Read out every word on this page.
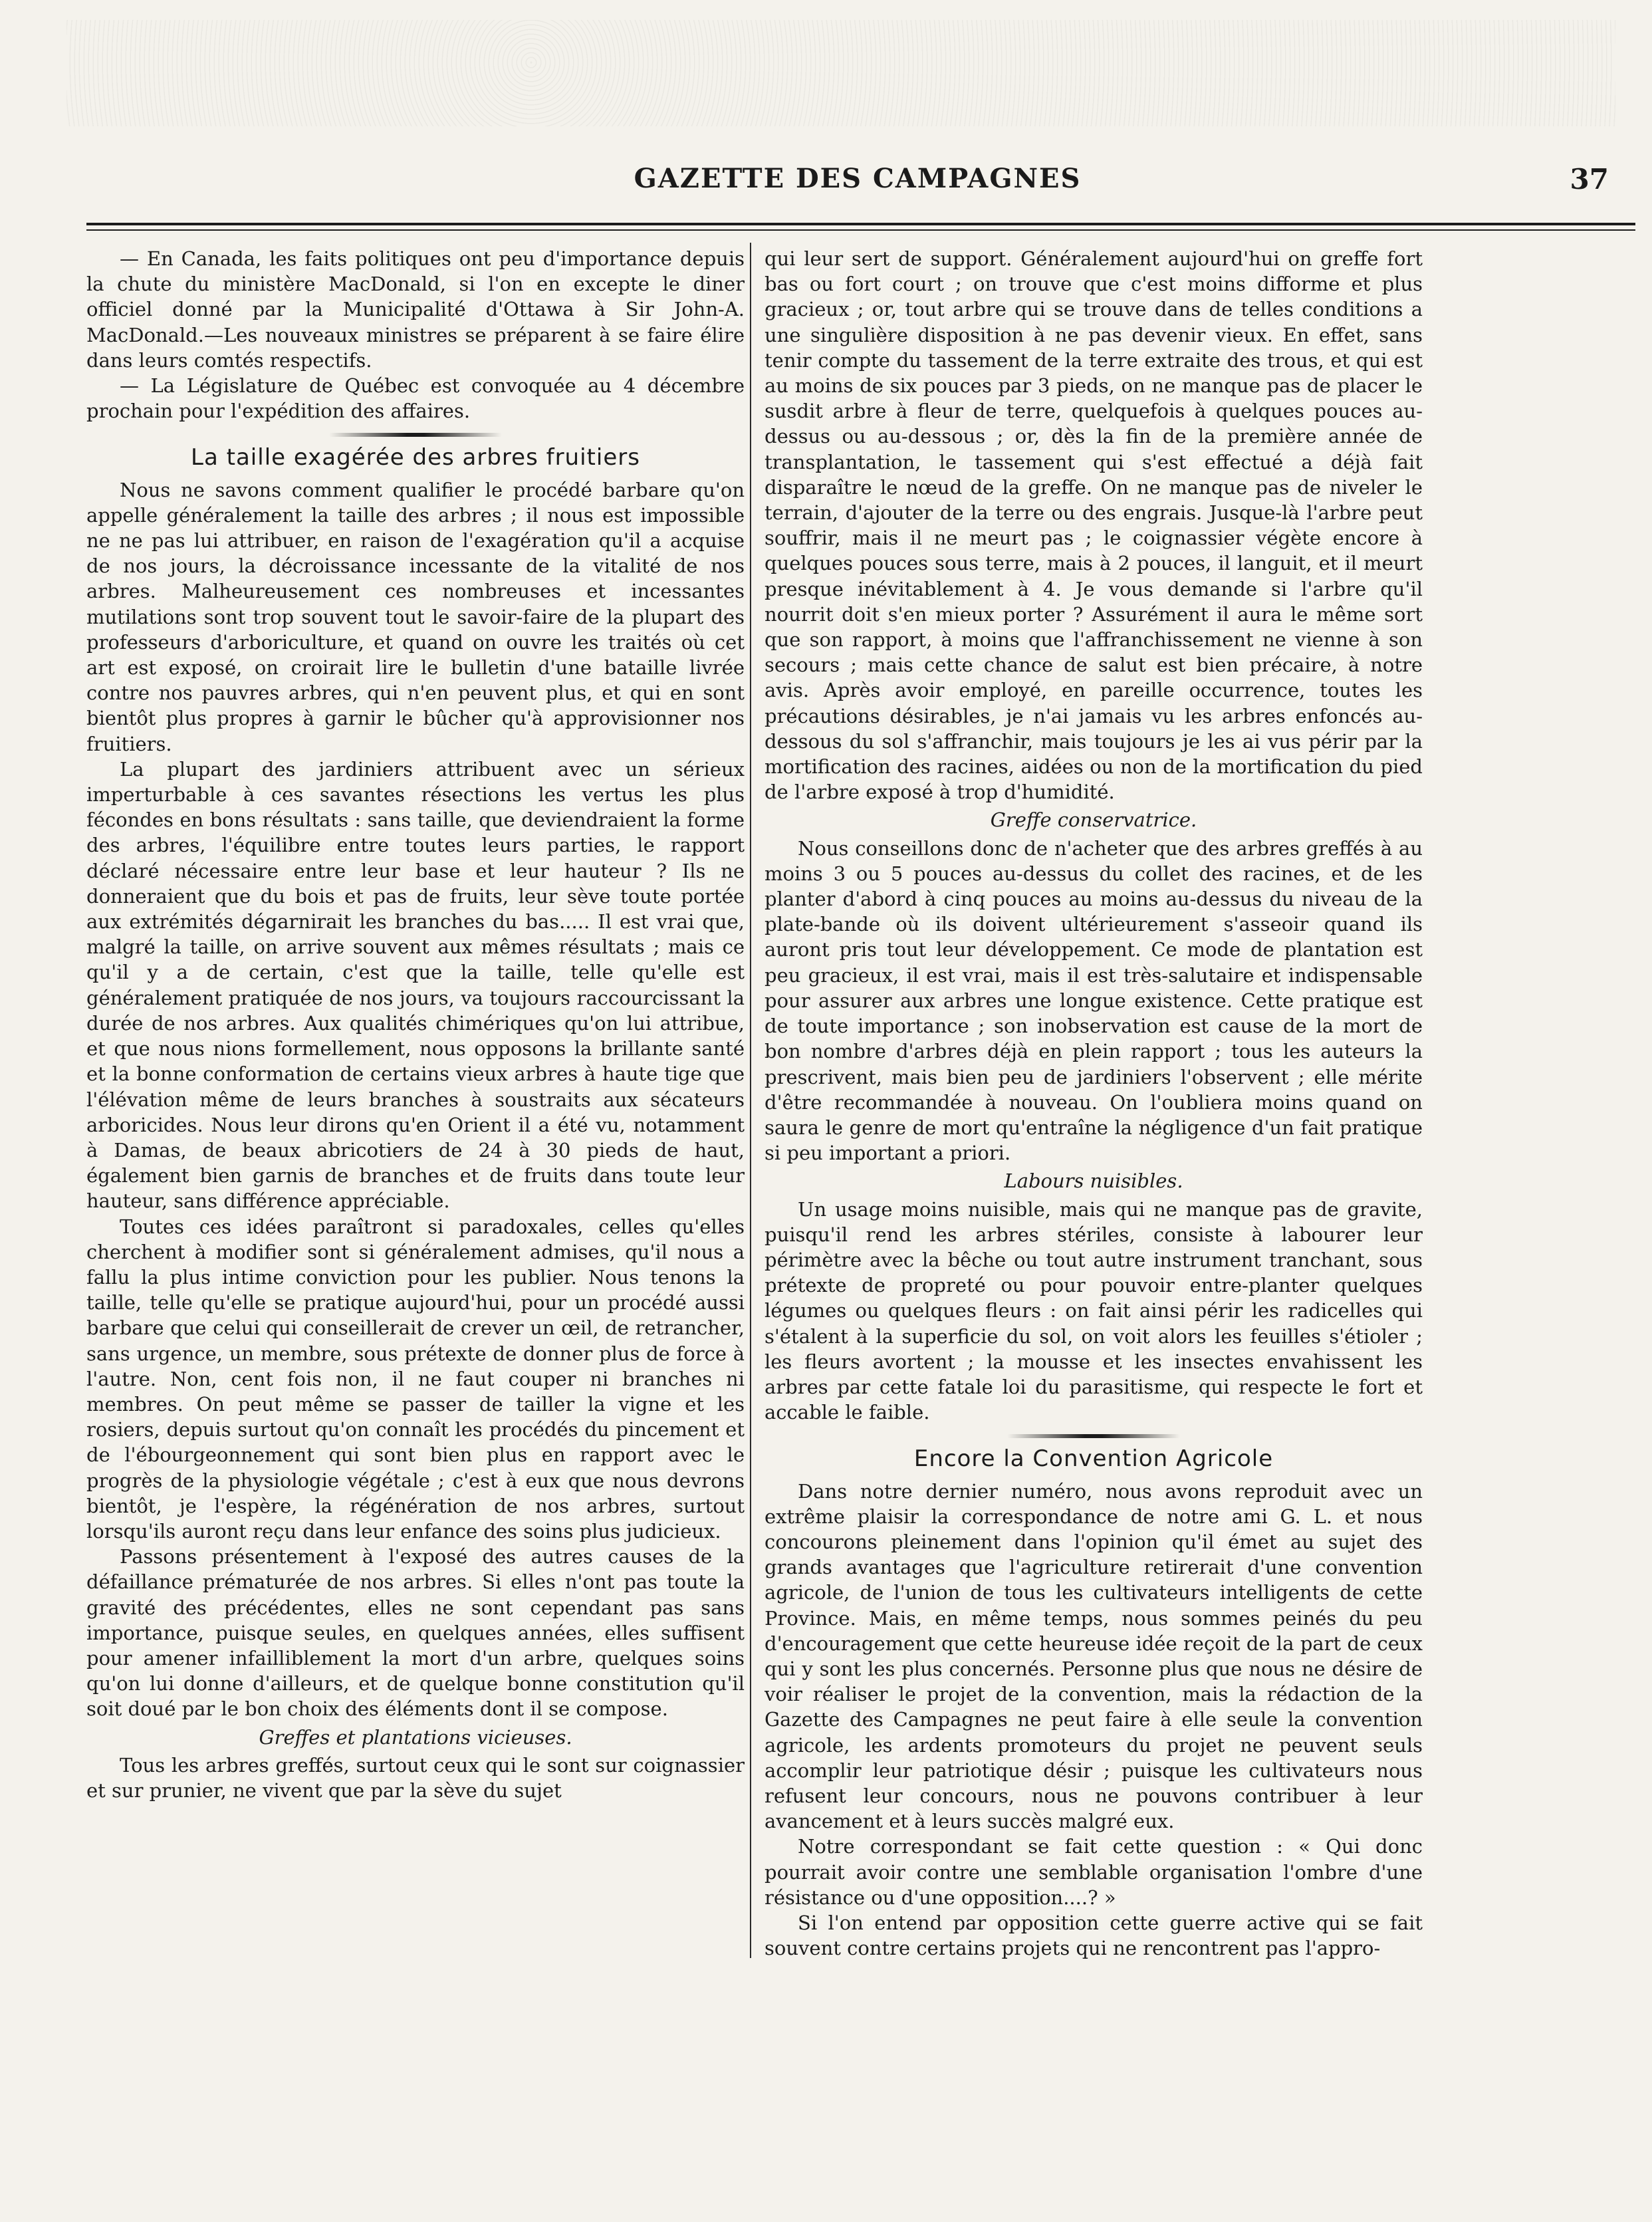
GAZETTE DES CAMPAGNES	37

— En Canada, les faits politiques ont peu d'importance depuis la chute du ministère MacDonald, si l'on en excepte le diner officiel donné par la Municipalité d'Ottawa à Sir John-A. MacDonald.—Les nouveaux ministres se préparent à se faire élire dans leurs comtés respectifs.

— La Législature de Québec est convoquée au 4 décembre prochain pour l'expédition des affaires.

La taille exagérée des arbres fruitiers

Nous ne savons comment qualifier le procédé barbare qu'on appelle généralement la taille des arbres ; il nous est impossible ne ne pas lui attribuer, en raison de l'exagération qu'il a acquise de nos jours, la décroissance incessante de la vitalité de nos arbres. Malheureusement ces nombreuses et incessantes mutilations sont trop souvent tout le savoir-faire de la plupart des professeurs d'arboriculture, et quand on ouvre les traités où cet art est exposé, on croirait lire le bulletin d'une bataille livrée contre nos pauvres arbres, qui n'en peuvent plus, et qui en sont bientôt plus propres à garnir le bûcher qu'à approvisionner nos fruitiers.

La plupart des jardiniers attribuent avec un sérieux imperturbable à ces savantes résections les vertus les plus fécondes en bons résultats : sans taille, que deviendraient la forme des arbres, l'équilibre entre toutes leurs parties, le rapport déclaré nécessaire entre leur base et leur hauteur ? Ils ne donneraient que du bois et pas de fruits, leur sève toute portée aux extrémités dégarnirait les branches du bas..... Il est vrai que, malgré la taille, on arrive souvent aux mêmes résultats ; mais ce qu'il y a de certain, c'est que la taille, telle qu'elle est généralement pratiquée de nos jours, va toujours raccourcissant la durée de nos arbres. Aux qualités chimériques qu'on lui attribue, et que nous nions formellement, nous opposons la brillante santé et la bonne conformation de certains vieux arbres à haute tige que l'élévation même de leurs branches à soustraits aux sécateurs arboricides. Nous leur dirons qu'en Orient il a été vu, notamment à Damas, de beaux abricotiers de 24 à 30 pieds de haut, également bien garnis de branches et de fruits dans toute leur hauteur, sans différence appréciable.

Toutes ces idées paraîtront si paradoxales, celles qu'elles cherchent à modifier sont si généralement admises, qu'il nous a fallu la plus intime conviction pour les publier. Nous tenons la taille, telle qu'elle se pratique aujourd'hui, pour un procédé aussi barbare que celui qui conseillerait de crever un œil, de retrancher, sans urgence, un membre, sous prétexte de donner plus de force à l'autre. Non, cent fois non, il ne faut couper ni branches ni membres. On peut même se passer de tailler la vigne et les rosiers, depuis surtout qu'on connaît les procédés du pincement et de l'ébourgeonnement qui sont bien plus en rapport avec le progrès de la physiologie végétale ; c'est à eux que nous devrons bientôt, je l'espère, la régénération de nos arbres, surtout lorsqu'ils auront reçu dans leur enfance des soins plus judicieux.

Passons présentement à l'exposé des autres causes de la défaillance prématurée de nos arbres. Si elles n'ont pas toute la gravité des précédentes, elles ne sont cependant pas sans importance, puisque seules, en quelques années, elles suffisent pour amener infailliblement la mort d'un arbre, quelques soins qu'on lui donne d'ailleurs, et de quelque bonne constitution qu'il soit doué par le bon choix des éléments dont il se compose.

Greffes et plantations vicieuses.

Tous les arbres greffés, surtout ceux qui le sont sur coignassier et sur prunier, ne vivent que par la sève du sujet

qui leur sert de support. Généralement aujourd'hui on greffe fort bas ou fort court ; on trouve que c'est moins difforme et plus gracieux ; or, tout arbre qui se trouve dans de telles conditions a une singulière disposition à ne pas devenir vieux. En effet, sans tenir compte du tassement de la terre extraite des trous, et qui est au moins de six pouces par 3 pieds, on ne manque pas de placer le susdit arbre à fleur de terre, quelquefois à quelques pouces au-dessus ou au-dessous ; or, dès la fin de la première année de transplantation, le tassement qui s'est effectué a déjà fait disparaître le nœud de la greffe. On ne manque pas de niveler le terrain, d'ajouter de la terre ou des engrais. Jusque-là l'arbre peut souffrir, mais il ne meurt pas ; le coignassier végète encore à quelques pouces sous terre, mais à 2 pouces, il languit, et il meurt presque inévitablement à 4. Je vous demande si l'arbre qu'il nourrit doit s'en mieux porter ? Assurément il aura le même sort que son rapport, à moins que l'affranchissement ne vienne à son secours ; mais cette chance de salut est bien précaire, à notre avis. Après avoir employé, en pareille occurrence, toutes les précautions désirables, je n'ai jamais vu les arbres enfoncés au-dessous du sol s'affranchir, mais toujours je les ai vus périr par la mortification des racines, aidées ou non de la mortification du pied de l'arbre exposé à trop d'humidité.

Greffe conservatrice.

Nous conseillons donc de n'acheter que des arbres greffés à au moins 3 ou 5 pouces au-dessus du collet des racines, et de les planter d'abord à cinq pouces au moins au-dessus du niveau de la plate-bande où ils doivent ultérieurement s'asseoir quand ils auront pris tout leur développement. Ce mode de plantation est peu gracieux, il est vrai, mais il est très-salutaire et indispensable pour assurer aux arbres une longue existence. Cette pratique est de toute importance ; son inobservation est cause de la mort de bon nombre d'arbres déjà en plein rapport ; tous les auteurs la prescrivent, mais bien peu de jardiniers l'observent ; elle mérite d'être recommandée à nouveau. On l'oubliera moins quand on saura le genre de mort qu'entraîne la négligence d'un fait pratique si peu important a priori.

Labours nuisibles.

Un usage moins nuisible, mais qui ne manque pas de gravite, puisqu'il rend les arbres stériles, consiste à labourer leur périmètre avec la bêche ou tout autre instrument tranchant, sous prétexte de propreté ou pour pouvoir entre-planter quelques légumes ou quelques fleurs : on fait ainsi périr les radicelles qui s'étalent à la superficie du sol, on voit alors les feuilles s'étioler ; les fleurs avortent ; la mousse et les insectes envahissent les arbres par cette fatale loi du parasitisme, qui respecte le fort et accable le faible.

Encore la Convention Agricole

Dans notre dernier numéro, nous avons reproduit avec un extrême plaisir la correspondance de notre ami G. L. et nous concourons pleinement dans l'opinion qu'il émet au sujet des grands avantages que l'agriculture retirerait d'une convention agricole, de l'union de tous les cultivateurs intelligents de cette Province. Mais, en même temps, nous sommes peinés du peu d'encouragement que cette heureuse idée reçoit de la part de ceux qui y sont les plus concernés. Personne plus que nous ne désire de voir réaliser le projet de la convention, mais la rédaction de la Gazette des Campagnes ne peut faire à elle seule la convention agricole, les ardents promoteurs du projet ne peuvent seuls accomplir leur patriotique désir ; puisque les cultivateurs nous refusent leur concours, nous ne pouvons contribuer à leur avancement et à leurs succès malgré eux.

Notre correspondant se fait cette question : « Qui donc pourrait avoir contre une semblable organisation l'ombre d'une résistance ou d'une opposition....? »

Si l'on entend par opposition cette guerre active qui se fait souvent contre certains projets qui ne rencontrent pas l'appro-
